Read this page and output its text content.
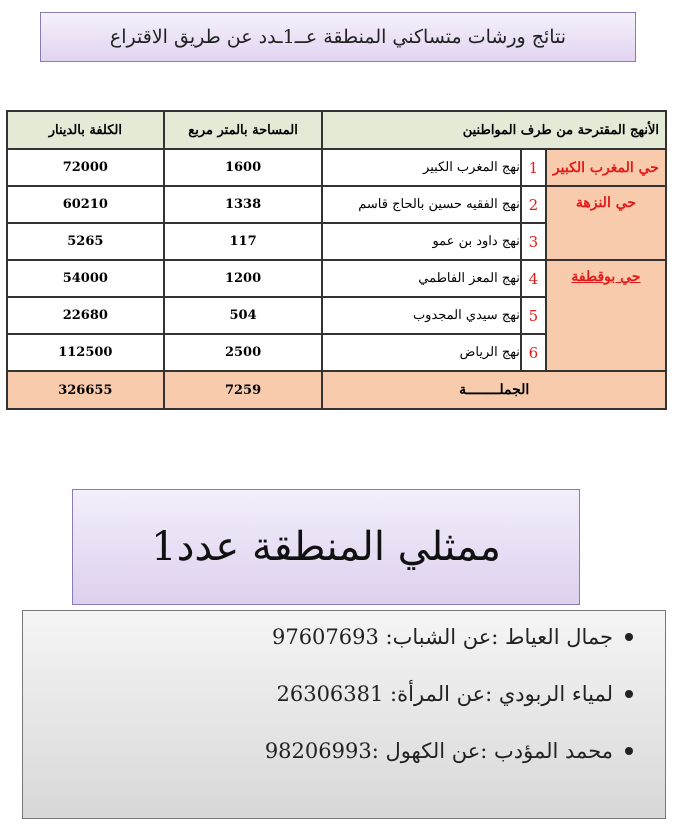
نتائج ورشات متساكني المنطقة عــ1ـدد عن طريق الاقتراع
الأنهج المقترحة من طرف المواطنين			المساحة بالمتر مربع	الكلفة بالدينار
حي المغرب الكبير	1	نهج المغرب الكبير	1600	72000
حي النزهة	2	نهج الفقيه حسين بالحاج قاسم	1338	60210
	3	نهج داود بن عمو	117	5265
حي بوقطفة	4	نهج المعز الفاطمي	1200	54000
	5	نهج سيدي المجدوب	504	22680
	6	نهج الرياض	2500	112500
الجملــــــــة			7259	326655
ممثلي المنطقة عدد1
جمال العياط :عن الشباب: 97607693
لمياء الربودي :عن المرأة: 26306381
محمد المؤدب :عن الكهول :98206993
